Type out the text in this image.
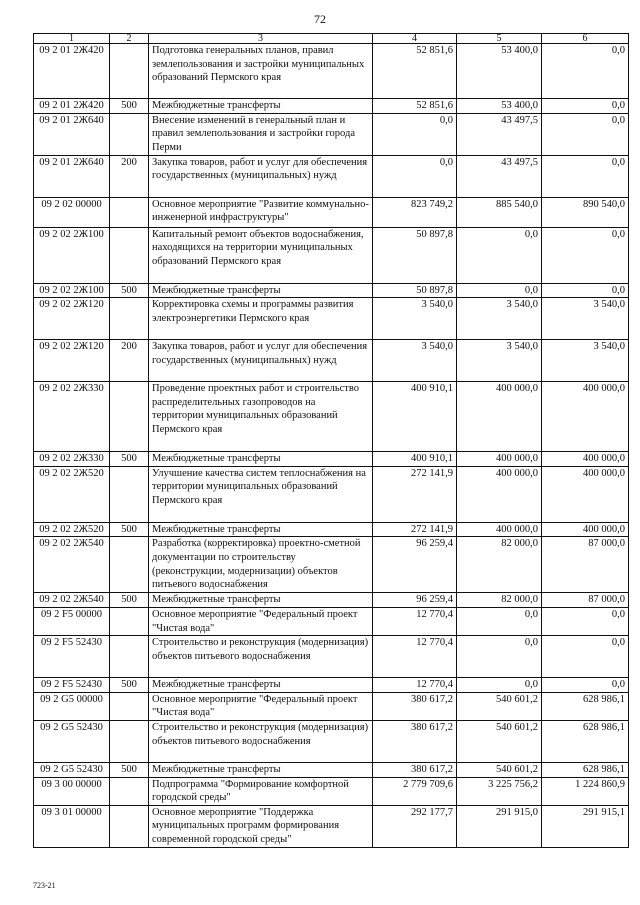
72
1	2	3	4	5	6
09 2 01 2Ж420		Подготовка генеральных планов, правил землепользования и застройки муниципальных образований Пермского края	52 851,6	53 400,0	0,0
09 2 01 2Ж420	500	Межбюджетные трансферты	52 851,6	53 400,0	0,0
09 2 01 2Ж640		Внесение изменений в генеральный план и правил землепользования и застройки города Перми	0,0	43 497,5	0,0
09 2 01 2Ж640	200	Закупка товаров, работ и услуг для обеспечения государственных (муниципальных) нужд	0,0	43 497,5	0,0
09 2 02 00000		Основное мероприятие "Развитие коммунально-инженерной инфраструктуры"	823 749,2	885 540,0	890 540,0
09 2 02 2Ж100		Капитальный ремонт объектов водоснабжения, находящихся на территории муниципальных образований Пермского края	50 897,8	0,0	0,0
09 2 02 2Ж100	500	Межбюджетные трансферты	50 897,8	0,0	0,0
09 2 02 2Ж120		Корректировка схемы и программы развития электроэнергетики Пермского края	3 540,0	3 540,0	3 540,0
09 2 02 2Ж120	200	Закупка товаров, работ и услуг для обеспечения государственных (муниципальных) нужд	3 540,0	3 540,0	3 540,0
09 2 02 2Ж330		Проведение проектных работ и строительство распределительных газопроводов на территории муниципальных образований Пермского края	400 910,1	400 000,0	400 000,0
09 2 02 2Ж330	500	Межбюджетные трансферты	400 910,1	400 000,0	400 000,0
09 2 02 2Ж520		Улучшение качества систем теплоснабжения на территории муниципальных образований Пермского края	272 141,9	400 000,0	400 000,0
09 2 02 2Ж520	500	Межбюджетные трансферты	272 141,9	400 000,0	400 000,0
09 2 02 2Ж540		Разработка (корректировка) проектно-сметной документации по строительству (реконструкции, модернизации) объектов питьевого водоснабжения	96 259,4	82 000,0	87 000,0
09 2 02 2Ж540	500	Межбюджетные трансферты	96 259,4	82 000,0	87 000,0
09 2 F5 00000		Основное мероприятие "Федеральный проект "Чистая вода"	12 770,4	0,0	0,0
09 2 F5 52430		Строительство и реконструкция (модернизация) объектов питьевого водоснабжения	12 770,4	0,0	0,0
09 2 F5 52430	500	Межбюджетные трансферты	12 770,4	0,0	0,0
09 2 G5 00000		Основное мероприятие "Федеральный проект "Чистая вода"	380 617,2	540 601,2	628 986,1
09 2 G5 52430		Строительство и реконструкция (модернизация) объектов питьевого водоснабжения	380 617,2	540 601,2	628 986,1
09 2 G5 52430	500	Межбюджетные трансферты	380 617,2	540 601,2	628 986,1
09 3 00 00000		Подпрограмма "Формирование комфортной городской среды"	2 779 709,6	3 225 756,2	1 224 860,9
09 3 01 00000		Основное мероприятие "Поддержка муниципальных программ формирования современной городской среды"	292 177,7	291 915,0	291 915,1
723-21
